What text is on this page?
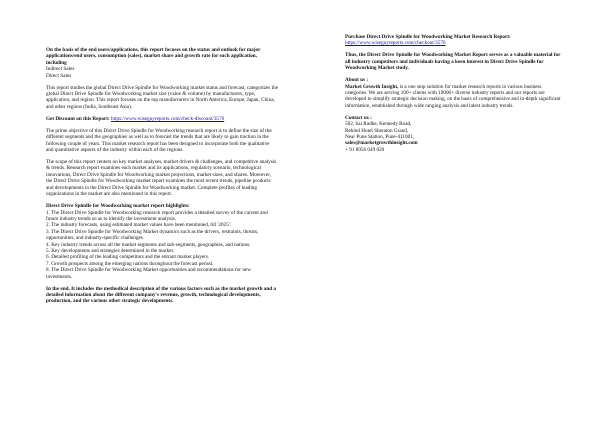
On the basis of the end users/applications, this report focuses on the status and outlook for major applications/end users, consumption (sales), market share and growth rate for each application, including

Indirect Sales
Direct Sales

This report studies the global Direct Drive Spindle for Woodworking market status and forecast, categorizes the global Direct Drive Spindle for Woodworking market size (value & volume) by manufacturers, type, application, and region. This report focuses on the top manufacturers in North America, Europe, Japan, China, and other regions (India, Southeast Asia).

Get Discount on this Report: https://www.wiseguyreports.com/check-discount/3576

The prime objective of this Direct Drive Spindle for Woodworking research report is to define the size of the different segments and the geographies as well as to forecast the trends that are likely to gain traction in the following couple of years. This market research report has been designed to incorporate both the qualitative and quantitative aspects of the industry within each of the regions.

The scope of this report centers on key market analyses, market drivers & challenges, and competitive analysis & trends. Research report examines each market and its applications, regulatory scenario, technological innovations, Direct Drive Spindle for Woodworking market projections, market sizes, and shares. Moreover, the Direct Drive Spindle for Woodworking market report examines the most recent trends, pipeline products and developments in the Direct Drive Spindle for Woodworking market. Complete profiles of leading organizations in the market are also mentioned in this report.

Direct Drive Spindle for Woodworking market report highlights:

1. The Direct Drive Spindle for Woodworking research report provides a detailed survey of the current and future industry trends so as to identify the investment analysis.
2. The industry forecasts, using estimated market values have been mentioned, till '2025'.
3. The Direct Drive Spindle for Woodworking Market dynamics such as the drivers, restraints, threats, opportunities, and industry-specific challenges
4. Key industry trends across all the market segments and sub-segments, geographies, and nations.
5. Key developments and strategies determined in the market.
6. Detailed profiling of the leading competitors and the entrant market players.
7. Growth prospects among the emerging nations throughout the forecast period.
8. The Direct Drive Spindle for Woodworking Market opportunities and recommendations for new investments.

In the end, It includes the methodical description of the various factors such as the market growth and a detailed information about the different company's revenue, growth, technological developments, production, and the various other strategic developments.

Purchase Direct Drive Spindle for Woodworking Market Research Report: https://www.wiseguyreports.com/checkout/3576

Thus, the Direct Drive Spindle for Woodworking Market Report serves as a valuable material for all industry competitors and individuals having a keen interest in Direct Drive Spindle for Woodworking Market study.

About us :

Market Growth Insight, is a one stop solution for market research reports in various business categories. We are serving 100+ clients with 10000+ diverse industry reports and our reports are developed to simplify strategic decision making, on the basis of comprehensive and in-depth significant information, established through wide ranging analysis and latest industry trends.

Contact us :

502, Sai Radhe, Kennedy Road,
Behind Hotel Sheraton Grand,
Near Pune Station, Pune-411001,
sales@marketgrowthinsight.com
+ 91 8956 049 020
